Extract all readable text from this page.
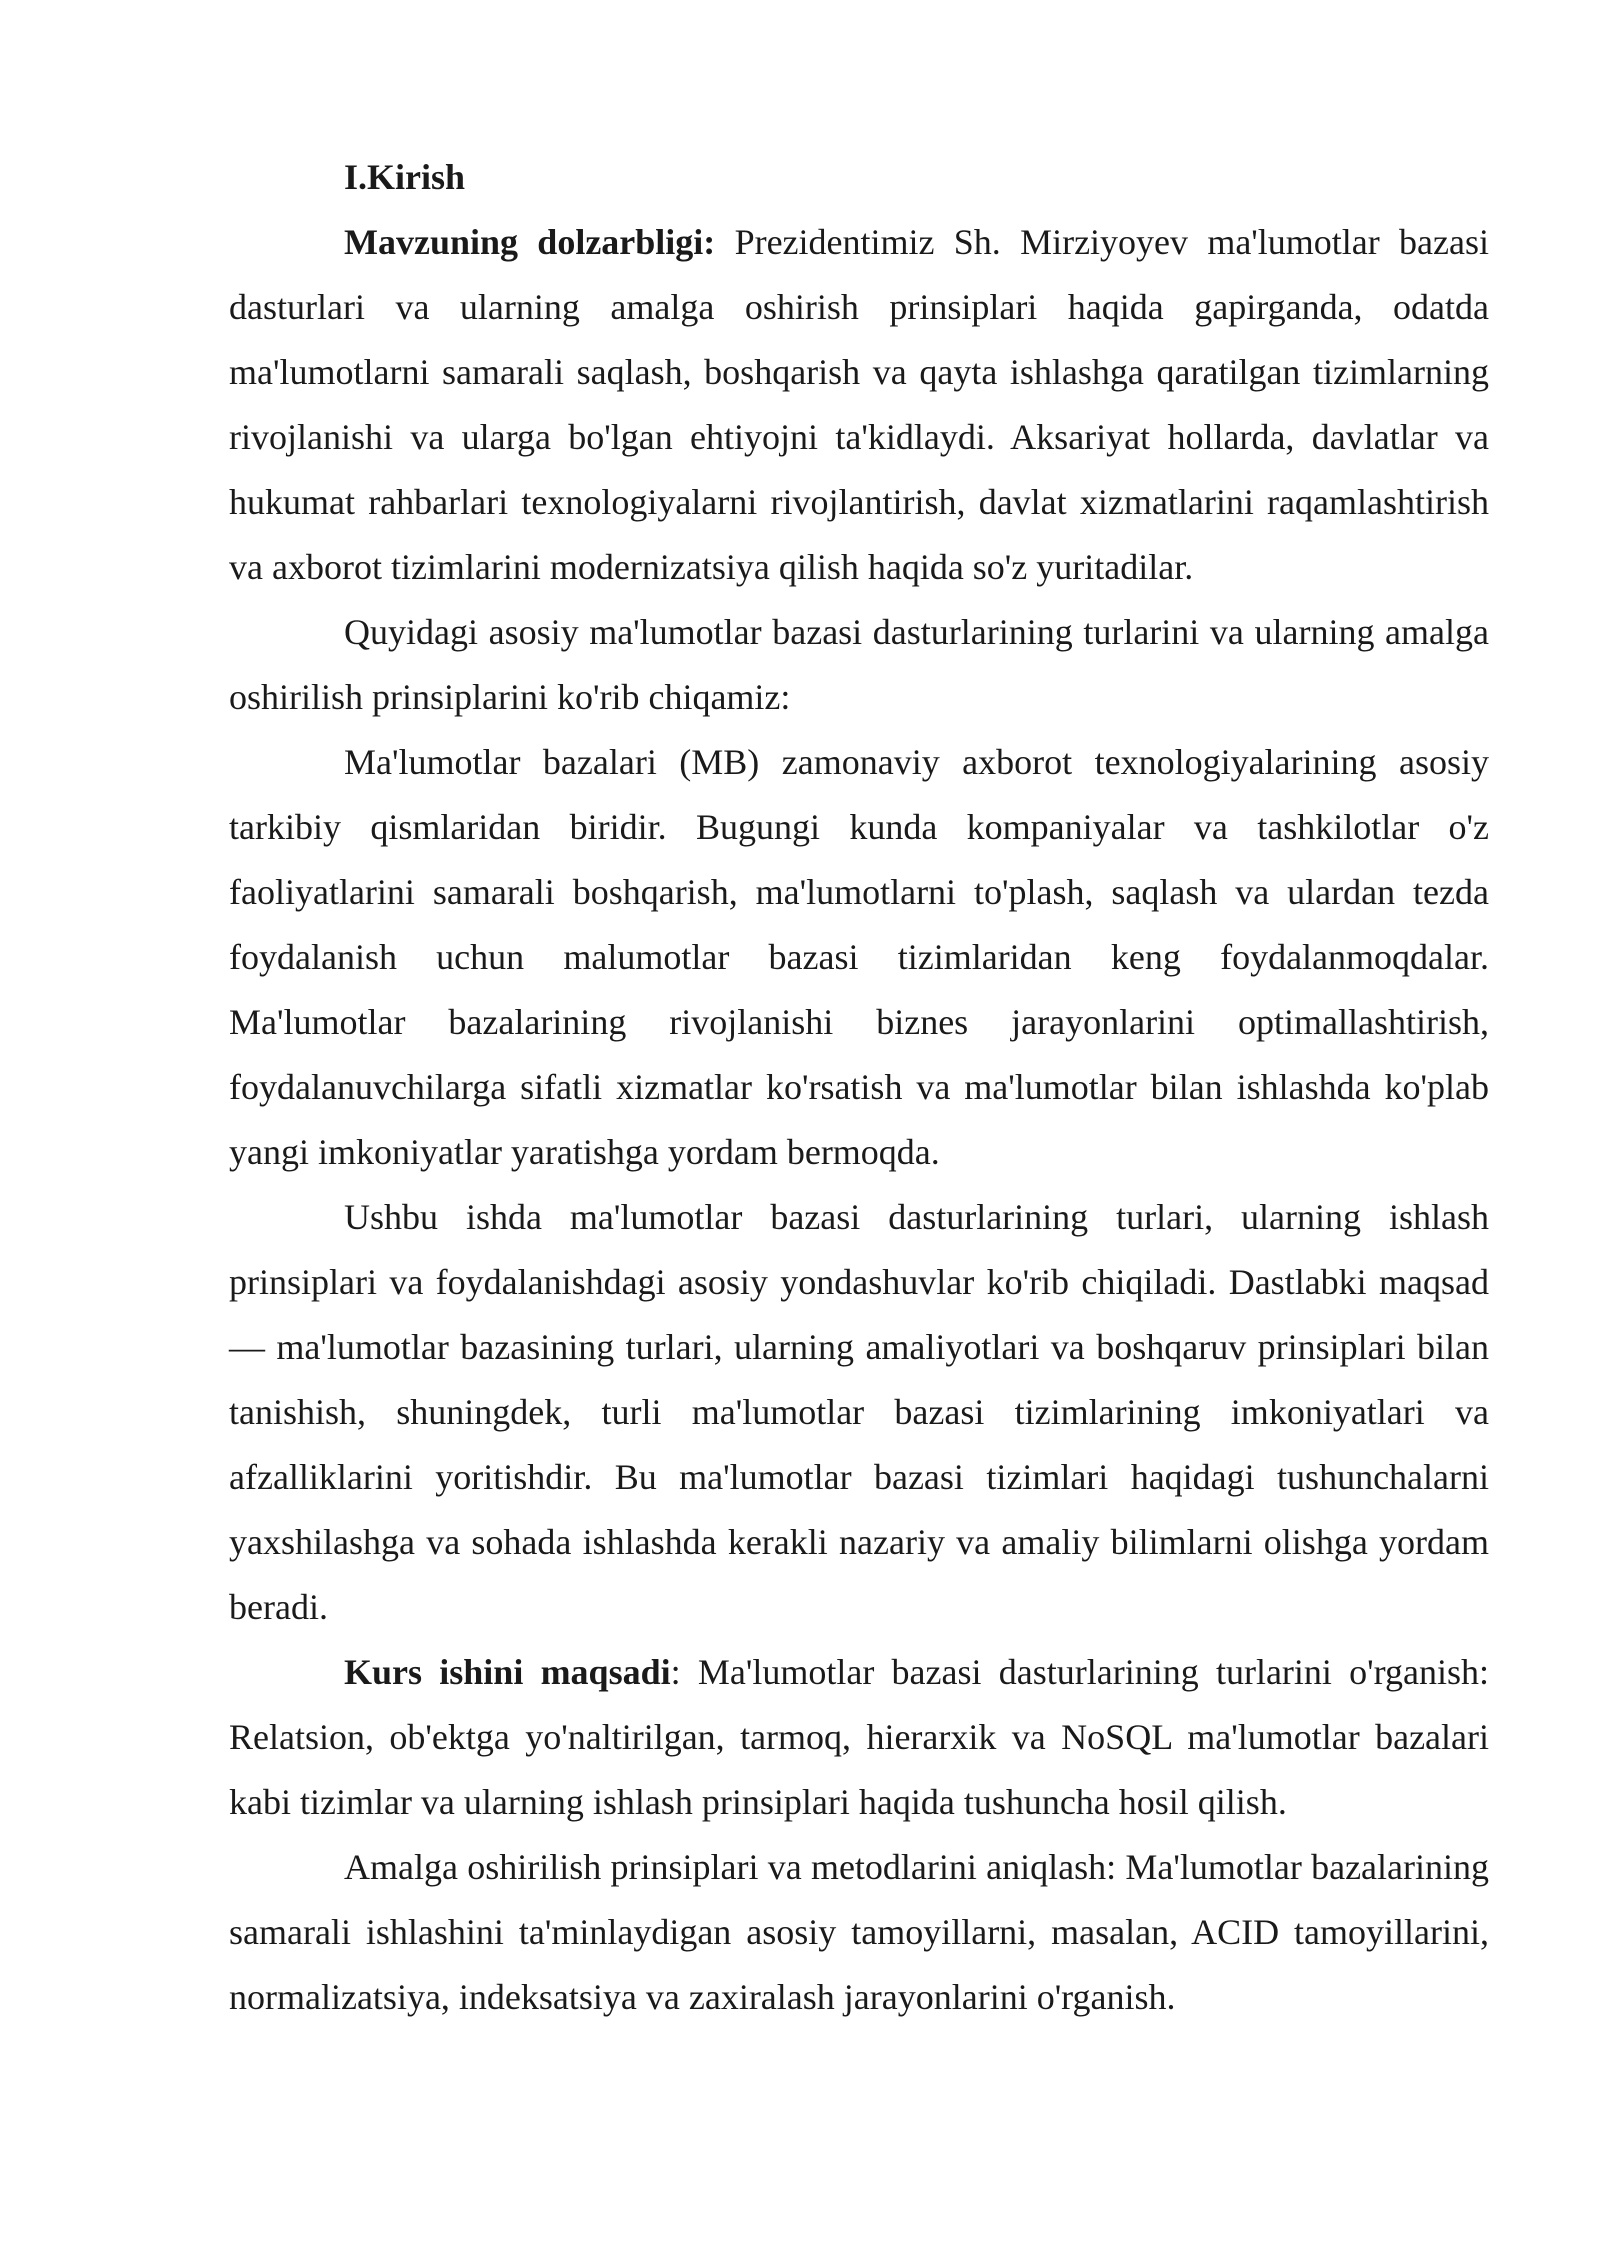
I.Kirish

Mavzuning dolzarbligi: Prezidentimiz Sh. Mirziyoyev ma'lumotlar bazasi dasturlari va ularning amalga oshirish prinsiplari haqida gapirganda, odatda ma'lumotlarni samarali saqlash, boshqarish va qayta ishlashga qaratilgan tizimlarning rivojlanishi va ularga bo'lgan ehtiyojni ta'kidlaydi. Aksariyat hollarda, davlatlar va hukumat rahbarlari texnologiyalarni rivojlantirish, davlat xizmatlarini raqamlashtirish va axborot tizimlarini modernizatsiya qilish haqida so'z yuritadilar.

Quyidagi asosiy ma'lumotlar bazasi dasturlarining turlarini va ularning amalga oshirilish prinsiplarini ko'rib chiqamiz:

Ma'lumotlar bazalari (MB) zamonaviy axborot texnologiyalarining asosiy tarkibiy qismlaridan biridir. Bugungi kunda kompaniyalar va tashkilotlar o'z faoliyatlarini samarali boshqarish, ma'lumotlarni to'plash, saqlash va ulardan tezda foydalanish uchun malumotlar bazasi tizimlaridan keng foydalanmoqdalar. Ma'lumotlar bazalarining rivojlanishi biznes jarayonlarini optimallashtirish, foydalanuvchilarga sifatli xizmatlar ko'rsatish va ma'lumotlar bilan ishlashda ko'plab yangi imkoniyatlar yaratishga yordam bermoqda.

Ushbu ishda ma'lumotlar bazasi dasturlarining turlari, ularning ishlash prinsiplari va foydalanishdagi asosiy yondashuvlar ko'rib chiqiladi. Dastlabki maqsad — ma'lumotlar bazasining turlari, ularning amaliyotlari va boshqaruv prinsiplari bilan tanishish, shuningdek, turli ma'lumotlar bazasi tizimlarining imkoniyatlari va afzalliklarini yoritishdir. Bu ma'lumotlar bazasi tizimlari haqidagi tushunchalarni yaxshilashga va sohada ishlashda kerakli nazariy va amaliy bilimlarni olishga yordam beradi.

Kurs ishini maqsadi: Ma'lumotlar bazasi dasturlarining turlarini o'rganish: Relatsion, ob'ektga yo'naltirilgan, tarmoq, hierarxik va NoSQL ma'lumotlar bazalari kabi tizimlar va ularning ishlash prinsiplari haqida tushuncha hosil qilish.

Amalga oshirilish prinsiplari va metodlarini aniqlash: Ma'lumotlar bazalarining samarali ishlashini ta'minlaydigan asosiy tamoyillarni, masalan, ACID tamoyillarini, normalizatsiya, indeksatsiya va zaxiralash jarayonlarini o'rganish.
